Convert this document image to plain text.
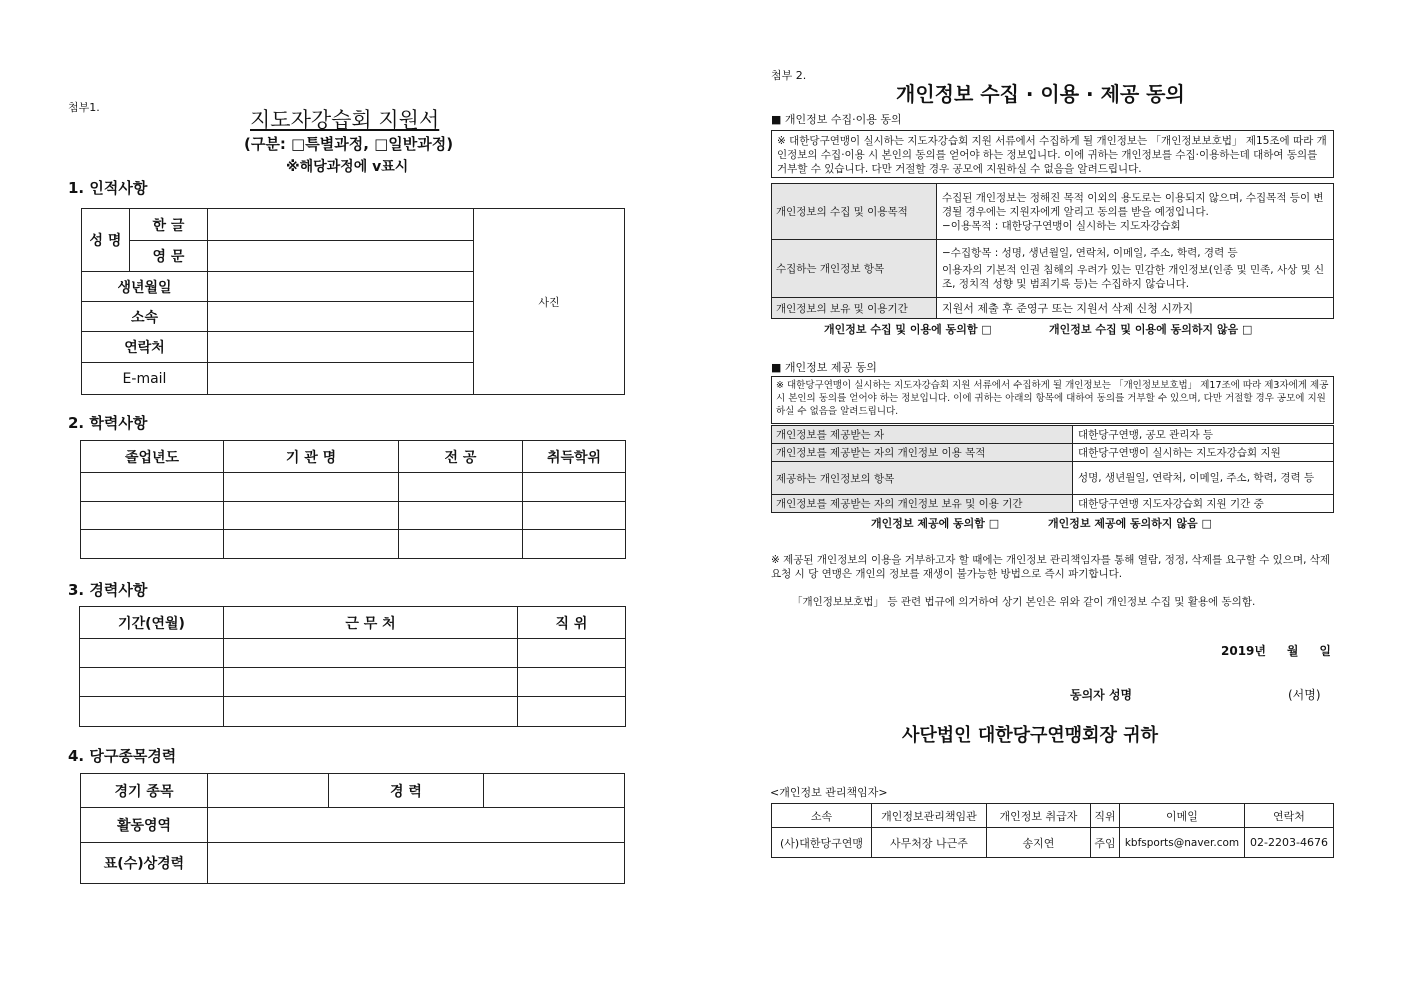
첨부1.
지도자강습회 지원서
(구분: □특별과정, □일반과정)
※해당과정에 v표시
1. 인적사항
성 명	한 글		사진
	영 문		
생년월일			
소속			
연락처			
E-mail			
2. 학력사항
졸업년도	기 관 명	전 공	취득학위

3. 경력사항
기간(연월)	근 무 처	직 위

4. 당구종목경력
경기 종목		경 력	
활동영역			
표(수)상경력			
첨부 2.
개인정보 수집 · 이용 · 제공 동의
■ 개인정보 수집·이용 동의
※ 대한당구연맹이 실시하는 지도자강습회 지원 서류에서 수집하게 될 개인정보는 「개인정보보호법」 제15조에 따라 개인정보의 수집·이용 시 본인의 동의를 얻어야 하는 정보입니다. 이에 귀하는 개인정보를 수집·이용하는데 대하여 동의를 거부할 수 있습니다. 다만 거절할 경우 공모에 지원하실 수 없음을 알려드립니다.
개인정보의 수집 및 이용목적	수집된 개인정보는 정해진 목적 이외의 용도로는 이용되지 않으며, 수집목적 등이 변경될 경우에는 지원자에게 알리고 동의를 받을 예정입니다.
−이용목적 : 대한당구연맹이 실시하는 지도자강습회

수집하는 개인정보 항목	−수집항목 : 성명, 생년월일, 연락처, 이메일, 주소, 학력, 경력 등
이용자의 기본적 인권 침해의 우려가 있는 민감한 개인정보(인종 및 민족, 사상 및 신조, 정치적 성향 및 범죄기록 등)는 수집하지 않습니다.

개인정보의 보유 및 이용기간	지원서 제출 후 준영구 또는 지원서 삭제 신청 시까지
개인정보 수집 및 이용에 동의함 □	개인정보 수집 및 이용에 동의하지 않음 □
■ 개인정보 제공 동의
※ 대한당구연맹이 실시하는 지도자강습회 지원 서류에서 수집하게 될 개인정보는 「개인정보보호법」 제17조에 따라 제3자에게 제공 시 본인의 동의를 얻어야 하는 정보입니다. 이에 귀하는 아래의 항목에 대하여 동의를 거부할 수 있으며, 다만 거절할 경우 공모에 지원하실 수 없음을 알려드립니다.
개인정보를 제공받는 자	대한당구연맹, 공모 관리자 등
개인정보를 제공받는 자의 개인정보 이용 목적	대한당구연맹이 실시하는 지도자강습회 지원
제공하는 개인정보의 항목	성명, 생년월일, 연락처, 이메일, 주소, 학력, 경력 등
개인정보를 제공받는 자의 개인정보 보유 및 이용 기간	대한당구연맹 지도자강습회 지원 기간 중
개인정보 제공에 동의함 □	개인정보 제공에 동의하지 않음 □
※ 제공된 개인정보의 이용을 거부하고자 할 때에는 개인정보 관리책임자를 통해 열람, 정정, 삭제를 요구할 수 있으며, 삭제 요청 시 당 연맹은 개인의 정보를 재생이 불가능한 방법으로 즉시 파기합니다.
「개인정보보호법」 등 관련 법규에 의거하여 상기 본인은 위와 같이 개인정보 수집 및 활용에 동의함.
2019년     월     일
동의자 성명	(서명)
사단법인 대한당구연맹회장 귀하
<개인정보 관리책임자>
소속	개인정보관리책임관	개인정보 취급자	직위	이메일	연락처
(사)대한당구연맹	사무처장 나근주	송지연	주임	kbfsports@naver.com	02-2203-4676
